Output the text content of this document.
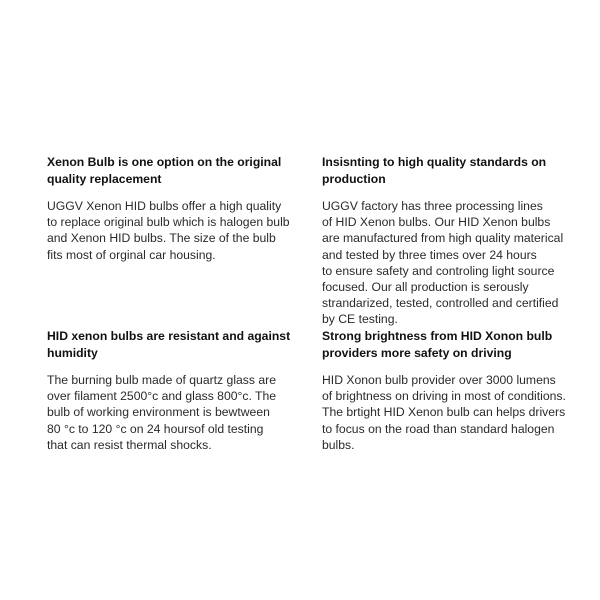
Xenon Bulb is one option on the original
quality replacement

UGGV Xenon HID bulbs offer a high quality
to replace original bulb which is halogen bulb
and Xenon HID bulbs. The size of the bulb
fits most of orginal car housing.

Insisnting to high quality standards on
production

UGGV factory has three processing lines
of HID Xenon bulbs. Our HID Xenon bulbs
are manufactured from high quality materical
and tested by three times over 24 hours
to ensure safety and controling light source
focused. Our all production is serously
strandarized, tested, controlled and certified
by CE testing.

HID xenon bulbs are resistant and against
humidity

The burning bulb made of quartz glass are
over filament 2500°c and glass 800°c. The
bulb of working environment is bewtween
80 °c to 120 °c on 24 hoursof old testing
that can resist thermal shocks.

Strong brightness from HID Xonon bulb
providers more safety on driving

HID Xonon bulb provider over 3000 lumens
of brightness on driving in most of conditions.
The brtight HID Xenon bulb can helps drivers
to focus on the road than standard halogen
bulbs.
